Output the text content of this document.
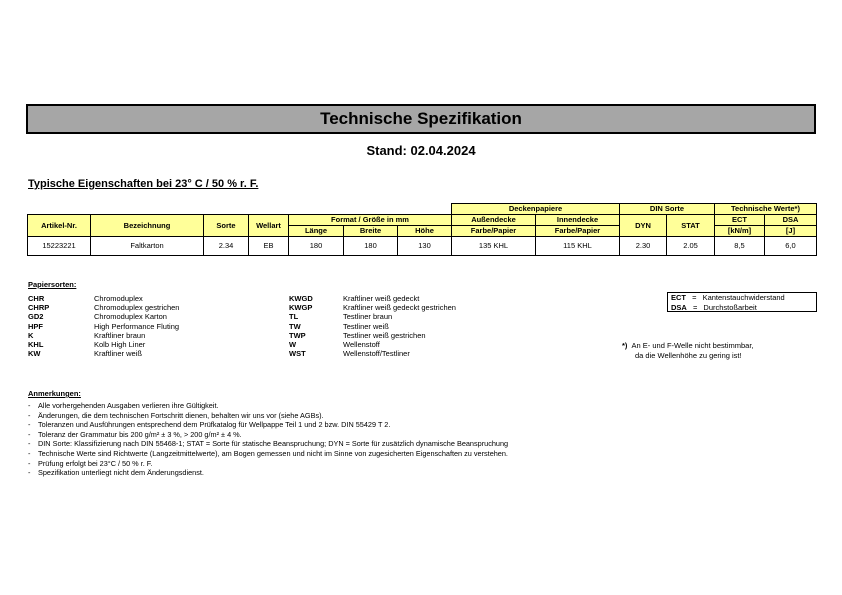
Technische Spezifikation
Stand: 02.04.2024
Typische Eigenschaften bei 23° C / 50 % r. F.
							Deckenpapiere		DIN Sorte		Technische Werte*)	
Artikel-Nr.	Bezeichnung	Sorte	Wellart	Format / Größe in mm			Außendecke	Innendecke	DYN	STAT	ECT	DSA
				Länge	Breite	Höhe	Farbe/Papier	Farbe/Papier			[kN/m]	[J]
15223221	Faltkarton	2.34	EB	180	180	130	135 KHL	115 KHL	2.30	2.05	8,5	6,0
Papiersorten:
CHR	Chromoduplex
CHRP	Chromoduplex gestrichen
GD2	Chromoduplex Karton
HPF	High Performance Fluting
K	Kraftliner braun
KHL	Kolb High Liner
KW	Kraftliner weiß
KWGD	Kraftliner weiß gedeckt
KWGP	Kraftliner weiß gedeckt gestrichen
TL	Testliner braun
TW	Testliner weiß
TWP	Testliner weiß gestrichen
W	Wellenstoff
WST	Wellenstoff/Testliner
ECT = Kantenstauchwiderstand
DSA = Durchstoßarbeit
*) An E- und F-Welle nicht bestimmbar,
da die Wellenhöhe zu gering ist!
Anmerkungen:
-	Alle vorhergehenden Ausgaben verlieren ihre Gültigkeit.
-	Änderungen, die dem technischen Fortschritt dienen, behalten wir uns vor (siehe AGBs).
-	Toleranzen und Ausführungen entsprechend dem Prüfkatalog für Wellpappe Teil 1 und 2 bzw. DIN 55429 T 2.
-	Toleranz der Grammatur bis 200 g/m² ± 3 %, > 200 g/m² ± 4 %.
-	DIN Sorte: Klassifizierung nach DIN 55468-1; STAT = Sorte für statische Beanspruchung; DYN = Sorte für zusätzlich dynamische Beanspruchung
-	Technische Werte sind Richtwerte (Langzeitmittelwerte), am Bogen gemessen und nicht im Sinne von zugesicherten Eigenschaften zu verstehen.
-	Prüfung erfolgt bei 23°C / 50 % r. F.
-	Spezifikation unterliegt nicht dem Änderungsdienst.
